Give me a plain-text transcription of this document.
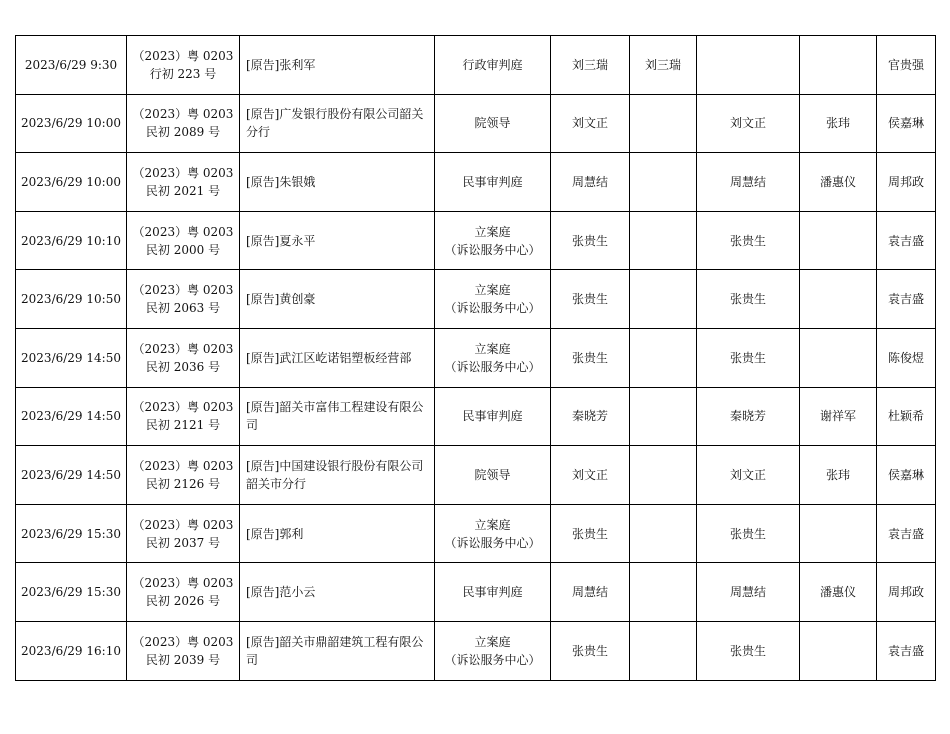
2023/6/29 9:30	（2023）粤 0203
行初 223 号	[原告]张利军	行政审判庭	刘三瑞	刘三瑞			官贵强
2023/6/29 10:00	（2023）粤 0203
民初 2089 号	[原告]广发银行股份有限公司韶关分行	院领导	刘文正		刘文正	张玮	侯嘉琳
2023/6/29 10:00	（2023）粤 0203
民初 2021 号	[原告]朱银娥	民事审判庭	周慧结		周慧结	潘惠仪	周邦政
2023/6/29 10:10	（2023）粤 0203
民初 2000 号	[原告]夏永平	立案庭
（诉讼服务中心）	张贵生		张贵生		袁吉盛
2023/6/29 10:50	（2023）粤 0203
民初 2063 号	[原告]黄创豪	立案庭
（诉讼服务中心）	张贵生		张贵生		袁吉盛
2023/6/29 14:50	（2023）粤 0203
民初 2036 号	[原告]武江区屹诺铝塑板经营部	立案庭
（诉讼服务中心）	张贵生		张贵生		陈俊煜
2023/6/29 14:50	（2023）粤 0203
民初 2121 号	[原告]韶关市富伟工程建设有限公司	民事审判庭	秦晓芳		秦晓芳	谢祥军	杜颖希
2023/6/29 14:50	（2023）粤 0203
民初 2126 号	[原告]中国建设银行股份有限公司韶关市分行	院领导	刘文正		刘文正	张玮	侯嘉琳
2023/6/29 15:30	（2023）粤 0203
民初 2037 号	[原告]郭利	立案庭
（诉讼服务中心）	张贵生		张贵生		袁吉盛
2023/6/29 15:30	（2023）粤 0203
民初 2026 号	[原告]范小云	民事审判庭	周慧结		周慧结	潘惠仪	周邦政
2023/6/29 16:10	（2023）粤 0203
民初 2039 号	[原告]韶关市鼎韶建筑工程有限公司	立案庭
（诉讼服务中心）	张贵生		张贵生		袁吉盛
